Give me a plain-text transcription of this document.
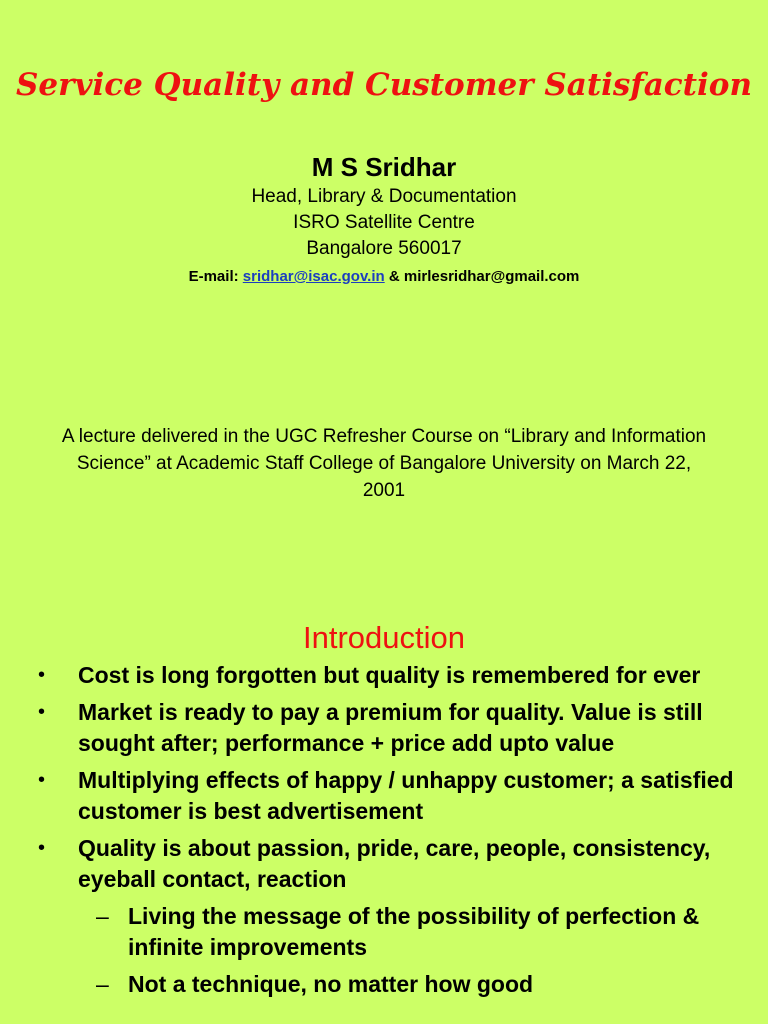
Service Quality and Customer Satisfaction
M S Sridhar
Head, Library & Documentation
ISRO Satellite Centre
Bangalore 560017
E-mail: sridhar@isac.gov.in & mirlesridhar@gmail.com

A lecture delivered in the UGC Refresher Course on “Library and Information Science” at Academic Staff College of Bangalore University on March 22, 2001

Introduction
• Cost is long forgotten but quality is remembered for ever
• Market is ready to pay a premium for quality. Value is still sought after; performance + price add upto value
• Multiplying effects of happy / unhappy customer; a satisfied customer is best advertisement
• Quality is about passion, pride, care, people, consistency, eyeball contact, reaction
– Living the message of the possibility of perfection & infinite improvements
– Not a technique, no matter how good
